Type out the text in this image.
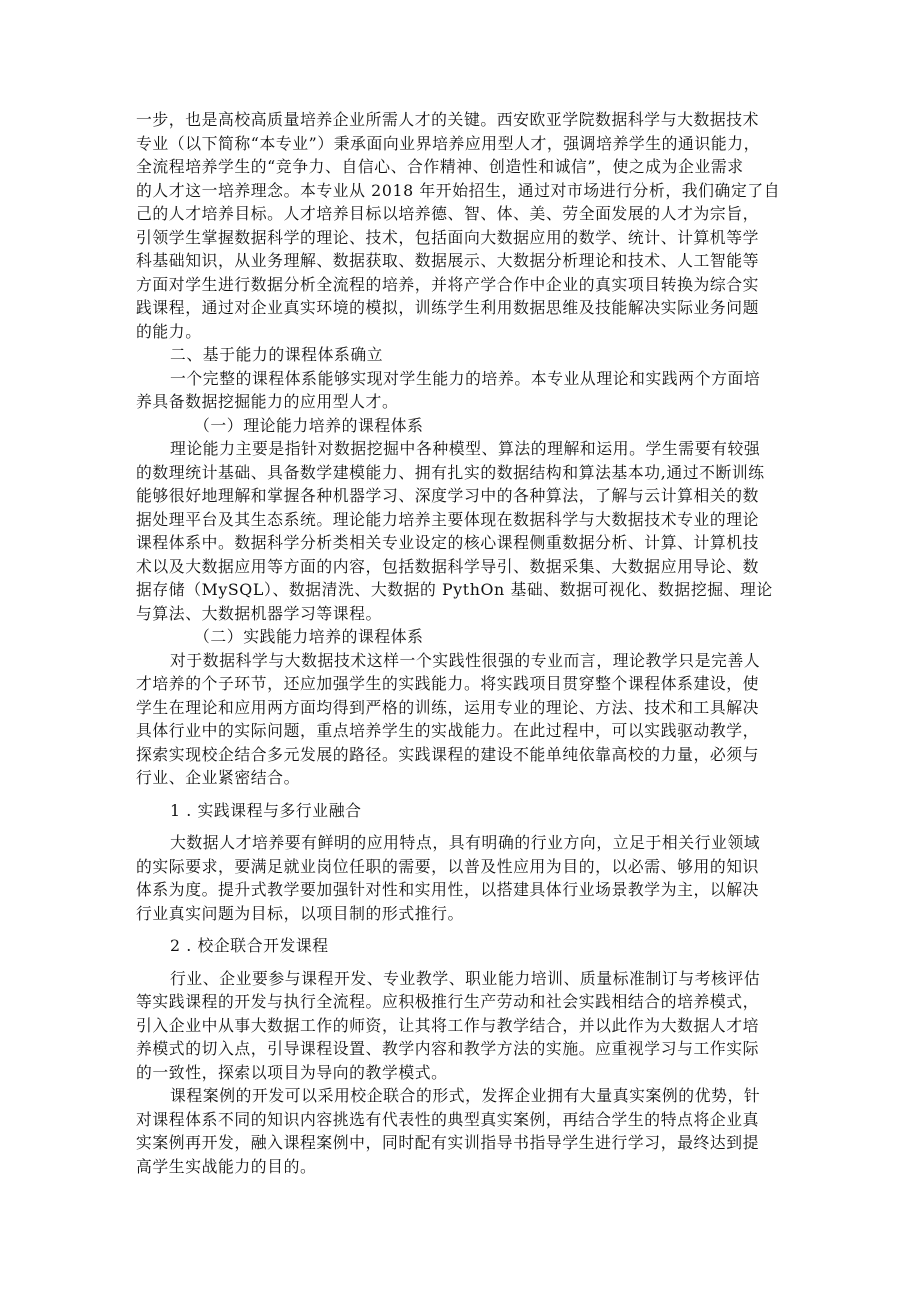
一步，也是高校高质量培养企业所需人才的关键。西安欧亚学院数据科学与大数据技术
专业（以下简称“本专业”）秉承面向业界培养应用型人才，强调培养学生的通识能力，
全流程培养学生的“竞争力、自信心、合作精神、创造性和诚信”，使之成为企业需求
的人才这一培养理念。本专业从 2018 年开始招生，通过对市场进行分析，我们确定了自
己的人才培养目标。人才培养目标以培养德、智、体、美、劳全面发展的人才为宗旨，
引领学生掌握数据科学的理论、技术，包括面向大数据应用的数学、统计、计算机等学
科基础知识，从业务理解、数据获取、数据展示、大数据分析理论和技术、人工智能等
方面对学生进行数据分析全流程的培养，并将产学合作中企业的真实项目转换为综合实
践课程，通过对企业真实环境的模拟，训练学生利用数据思维及技能解决实际业务问题
的能力。
二、基于能力的课程体系确立
一个完整的课程体系能够实现对学生能力的培养。本专业从理论和实践两个方面培
养具备数据挖掘能力的应用型人才。
（一）理论能力培养的课程体系
理论能力主要是指针对数据挖掘中各种模型、算法的理解和运用。学生需要有较强
的数理统计基础、具备数学建模能力、拥有扎实的数据结构和算法基本功,通过不断训练
能够很好地理解和掌握各种机器学习、深度学习中的各种算法，了解与云计算相关的数
据处理平台及其生态系统。理论能力培养主要体现在数据科学与大数据技术专业的理论
课程体系中。数据科学分析类相关专业设定的核心课程侧重数据分析、计算、计算机技
术以及大数据应用等方面的内容，包括数据科学导引、数据采集、大数据应用导论、数
据存储（MySQL）、数据清洗、大数据的 PythOn 基础、数据可视化、数据挖掘、理论
与算法、大数据机器学习等课程。
（二）实践能力培养的课程体系
对于数据科学与大数据技术这样一个实践性很强的专业而言，理论教学只是完善人
才培养的个子环节，还应加强学生的实践能力。将实践项目贯穿整个课程体系建设，使
学生在理论和应用两方面均得到严格的训练，运用专业的理论、方法、技术和工具解决
具体行业中的实际问题，重点培养学生的实战能力。在此过程中，可以实践驱动教学，
探索实现校企结合多元发展的路径。实践课程的建设不能单纯依靠高校的力量，必须与
行业、企业紧密结合。
1 . 实践课程与多行业融合
大数据人才培养要有鲜明的应用特点，具有明确的行业方向，立足于相关行业领域
的实际要求，要满足就业岗位任职的需要，以普及性应用为目的，以必需、够用的知识
体系为度。提升式教学要加强针对性和实用性，以搭建具体行业场景教学为主，以解决
行业真实问题为目标，以项目制的形式推行。
2 . 校企联合开发课程
行业、企业要参与课程开发、专业教学、职业能力培训、质量标准制订与考核评估
等实践课程的开发与执行全流程。应积极推行生产劳动和社会实践相结合的培养模式，
引入企业中从事大数据工作的师资，让其将工作与教学结合，并以此作为大数据人才培
养模式的切入点，引导课程设置、教学内容和教学方法的实施。应重视学习与工作实际
的一致性，探索以项目为导向的教学模式。
课程案例的开发可以采用校企联合的形式，发挥企业拥有大量真实案例的优势，针
对课程体系不同的知识内容挑选有代表性的典型真实案例，再结合学生的特点将企业真
实案例再开发，融入课程案例中，同时配有实训指导书指导学生进行学习，最终达到提
高学生实战能力的目的。
